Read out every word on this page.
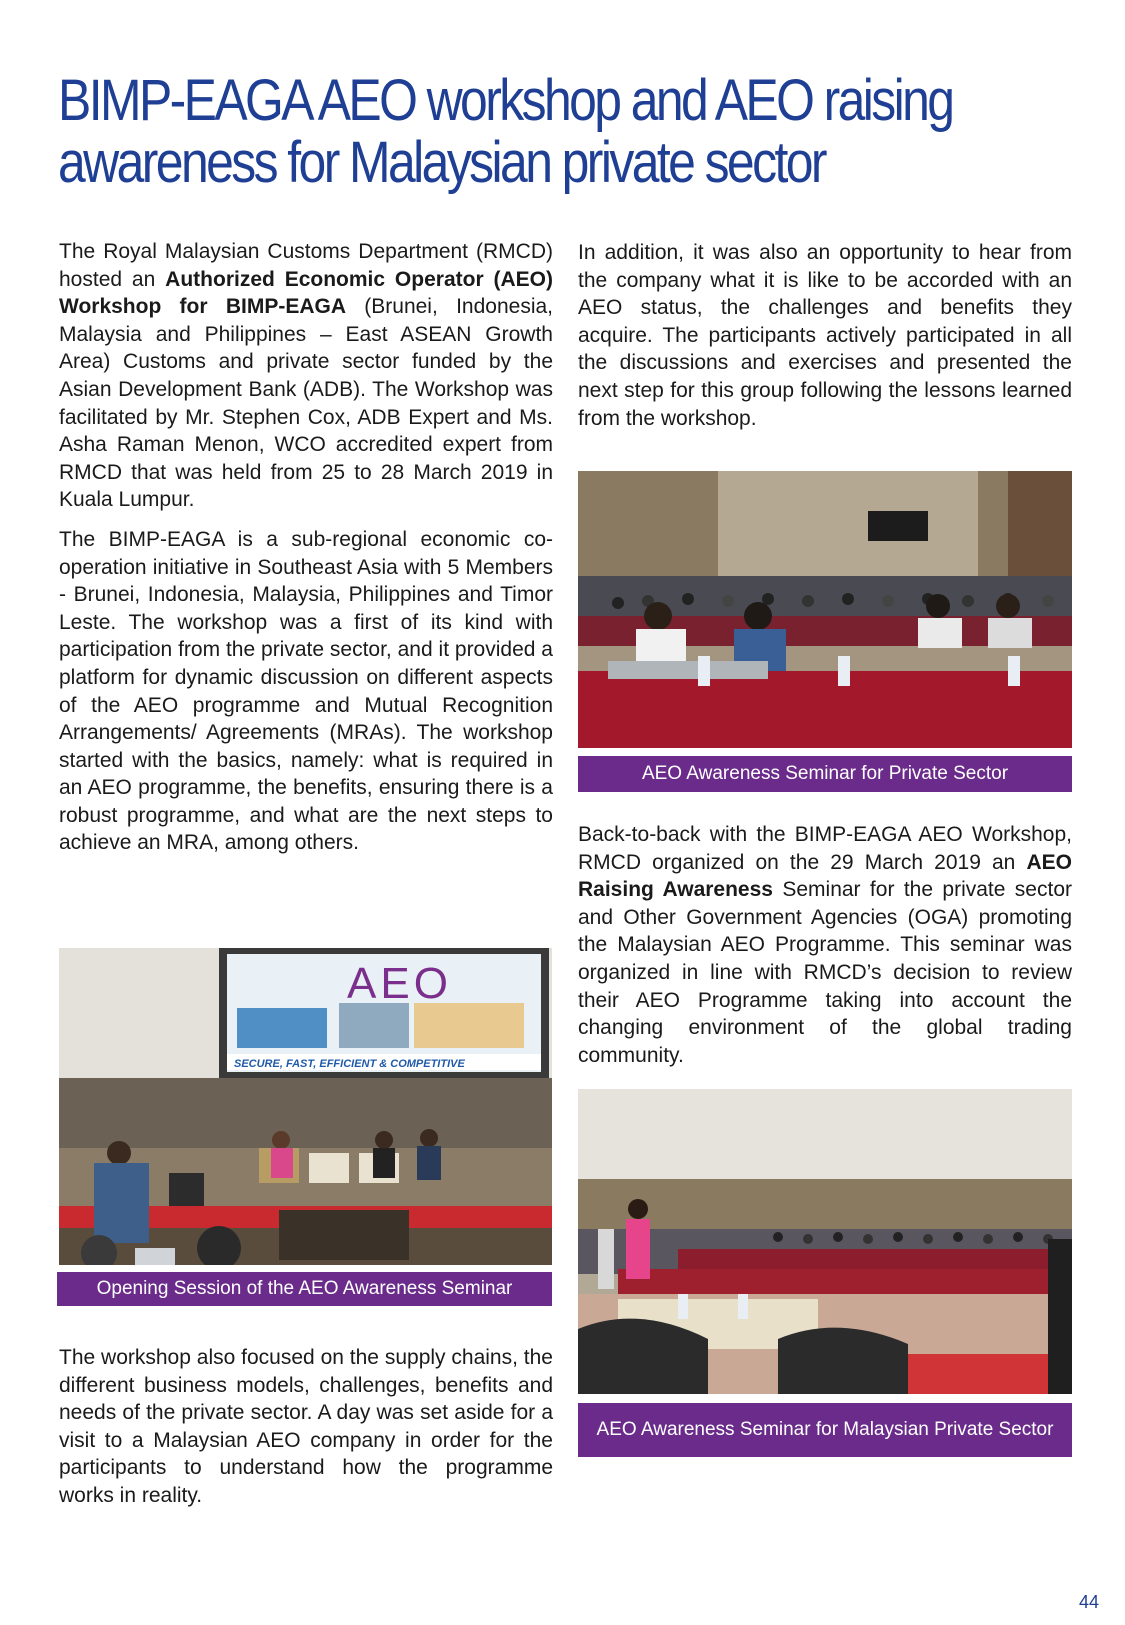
BIMP-EAGA AEO workshop and AEO raising awareness for Malaysian private sector

The Royal Malaysian Customs Department (RMCD) hosted an Authorized Economic Operator (AEO) Workshop for BIMP-EAGA (Brunei, Indonesia, Malaysia and Philippines – East ASEAN Growth Area) Customs and private sector funded by the Asian Development Bank (ADB). The Workshop was facilitated by Mr. Stephen Cox, ADB Expert and Ms. Asha Raman Menon, WCO accredited expert from RMCD that was held from 25 to 28 March 2019 in Kuala Lumpur.

The BIMP-EAGA is a sub-regional economic co-operation initiative in Southeast Asia with 5 Members - Brunei, Indonesia, Malaysia, Philippines and Timor Leste. The workshop was a first of its kind with participation from the private sector, and it provided a platform for dynamic discussion on different aspects of the AEO programme and Mutual Recognition Arrangements/ Agreements (MRAs). The workshop started with the basics, namely: what is required in an AEO programme, the benefits, ensuring there is a robust programme, and what are the next steps to achieve an MRA, among others.

AEO
SECURE, FAST, EFFICIENT & COMPETITIVE
Opening Session of the AEO Awareness Seminar

The workshop also focused on the supply chains, the different business models, challenges, benefits and needs of the private sector. A day was set aside for a visit to a Malaysian AEO company in order for the participants to understand how the programme works in reality.

In addition, it was also an opportunity to hear from the company what it is like to be accorded with an AEO status, the challenges and benefits they acquire. The participants actively participated in all the discussions and exercises and presented the next step for this group following the lessons learned from the workshop.

AEO Awareness Seminar for Private Sector

Back-to-back with the BIMP-EAGA AEO Workshop, RMCD organized on the 29 March 2019 an AEO Raising Awareness Seminar for the private sector and Other Government Agencies (OGA) promoting the Malaysian AEO Programme. This seminar was organized in line with RMCD’s decision to review their AEO Programme taking into account the changing environment of the global trading community.

AEO Awareness Seminar for Malaysian Private Sector
44
